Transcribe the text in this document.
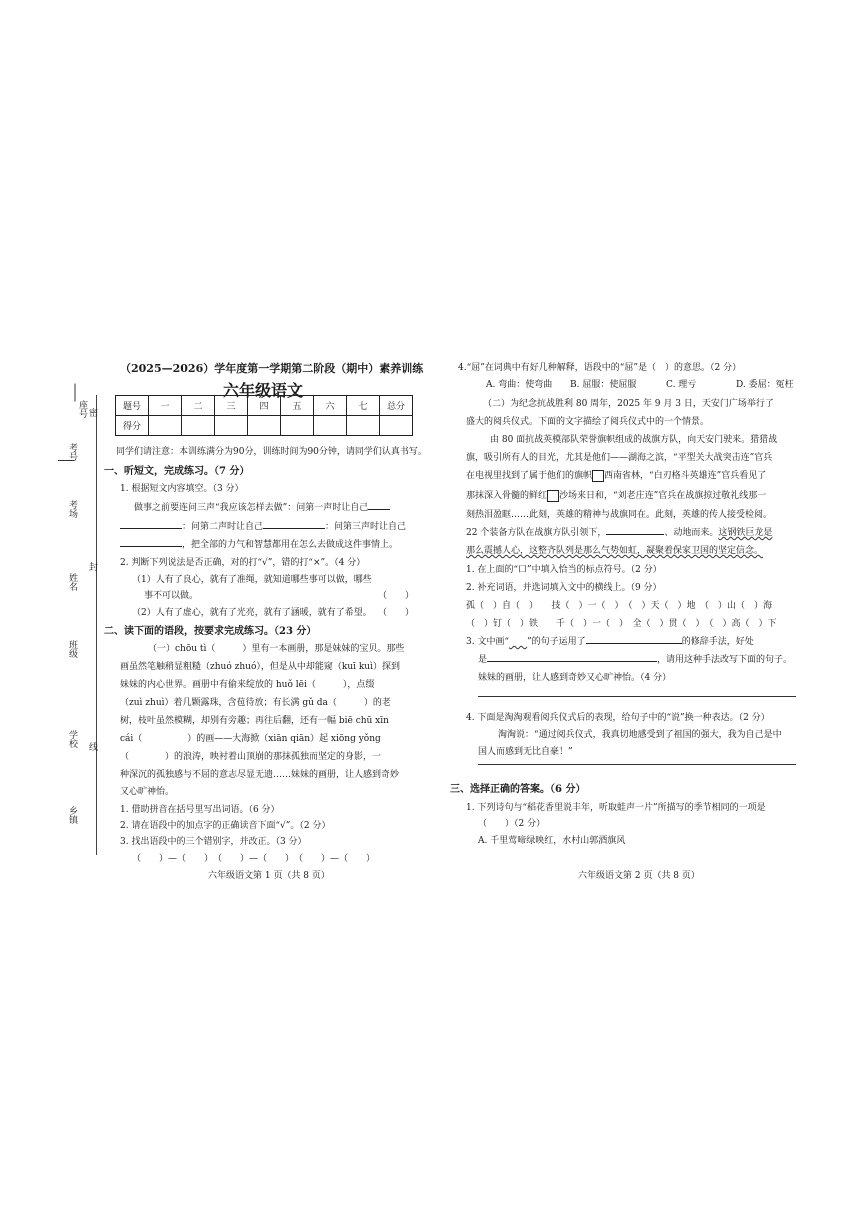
座号
考号
考场
姓名
班级
学校
乡镇
密
封
线
（2025—2026）学年度第一学期第二阶段（期中）素养训练
六年级语文
题号	一	二	三	四	五	六	七	总分
得分								
同学们请注意：本训练满分为90分，训练时间为90分钟，请同学们认真书写。
一、听短文，完成练习。（7 分）
1. 根据短文内容填空。（3 分）
做事之前要连问三声“我应该怎样去做”：问第一声时让自己
：问第二声时让自己	：问第三声时让自己
，把全部的力气和智慧都用在怎么去做成这件事情上。
2. 判断下列说法是否正确，对的打“√”，错的打“×”。（4 分）
（1）人有了良心，就有了准绳，就知道哪些事可以做，哪些
事不可以做。	（　　）
（2）人有了虚心，就有了光亮，就有了涵暖，就有了希望。 （　　）
二、读下面的语段，按要求完成练习。（23 分）
（一）chōu tì（　　　）里有一本画册，那是妹妹的宝贝。那些
画虽然笔触稍显粗糙（zhuó zhuó），但是从中却能窥（kuī kuì）探到
妹妹的内心世界。画册中有偷来绽放的 huǒ lēi（　　　），点缀
（zuì zhuì）着几颗露珠，含苞待放；有长满 gǔ da（　　　）的老
树，枝叶虽然模糊，却别有旁趣；再往后翻，还有一幅 biē chū xīn
cái（　　　　　）的画——大海掀（xiān qiān）起 xiōng yǒng
（　　　　）的浪涛，映衬着山顶崩的那抹孤独而坚定的身影，一
种深沉的孤独感与不屈的意志尽显无遗……妹妹的画册，让人感到奇妙
又心旷神怡。
1. 借助拼音在括号里写出词语。（6 分）
2. 请在语段中的加点字的正确读音下面“√”。（2 分）
3. 找出语段中的三个错别字，并改正。（3 分）
（　　）—（　　）　（　　）—（　　）　（　　）—（　　）
六年级语文第 1 页（共 8 页）
4.“屈”在词典中有好几种解释，语段中的“屈”是（　）的意思。（2 分）
A. 弯曲：使弯曲 B. 屈服：使屈服	C. 理亏	D. 委屈：冤枉
（二）为纪念抗战胜利 80 周年，2025 年 9 月 3 日，天安门广场举行了
盛大的阅兵仪式。下面的文字描绘了阅兵仪式中的一个情景。
由 80 面抗战英模部队荣誉旗帜组成的战旗方队，向天安门驶来。猎猎战
旗，吸引所有人的目光，尤其是他们——湖海之滨，“平型关大战突击连”官兵
在电视里找到了属于他们的旗帜 西南省林，“白刃格斗英雄连”官兵看见了
那抹深入骨髓的鲜红 沙场来日和，“刘老庄连”官兵在战旗掠过敬礼线那一
刻热泪盈眶……此刻，英雄的精神与战旗同在。此刻，英雄的传人接受检阅。
22 个装备方队在战旗方队引领下，	、动地而来。这钢铁巨龙是
那么震撼人心，这整齐队列是那么气势如虹，凝聚着保家卫国的坚定信念。
1. 在上面的“口”中填入恰当的标点符号。（2 分）
2. 补充词语，并选词填入文中的横线上。（9 分）
孤（　）自（　）　　技（　）一（　）　（　）天（　）地　（　）山（　）海
（　）钉（　）铁　　千（　）一（　）　全（　）贯（　）　（　）高（　）下
3. 文中画“　　 ”的句子运用了	的修辞手法，好处
是	，请用这种手法改写下面的句子。
妹妹的画册，让人感到奇妙又心旷神怡。（4 分）
4. 下面是淘淘观看阅兵仪式后的表现，给句子中的“说”换一种表达。（2 分）
淘淘说：“通过阅兵仪式，我真切地感受到了祖国的强大，我为自己是中
国人而感到无比自豪！”
三、选择正确的答案。（6 分）
1. 下列诗句与“稻花香里说丰年，听取蛙声一片”所描写的季节相同的一项是
（　　）（2 分）
A. 千里莺啼绿映红，水村山郭酒旗风
六年级语文第 2 页（共 8 页）
